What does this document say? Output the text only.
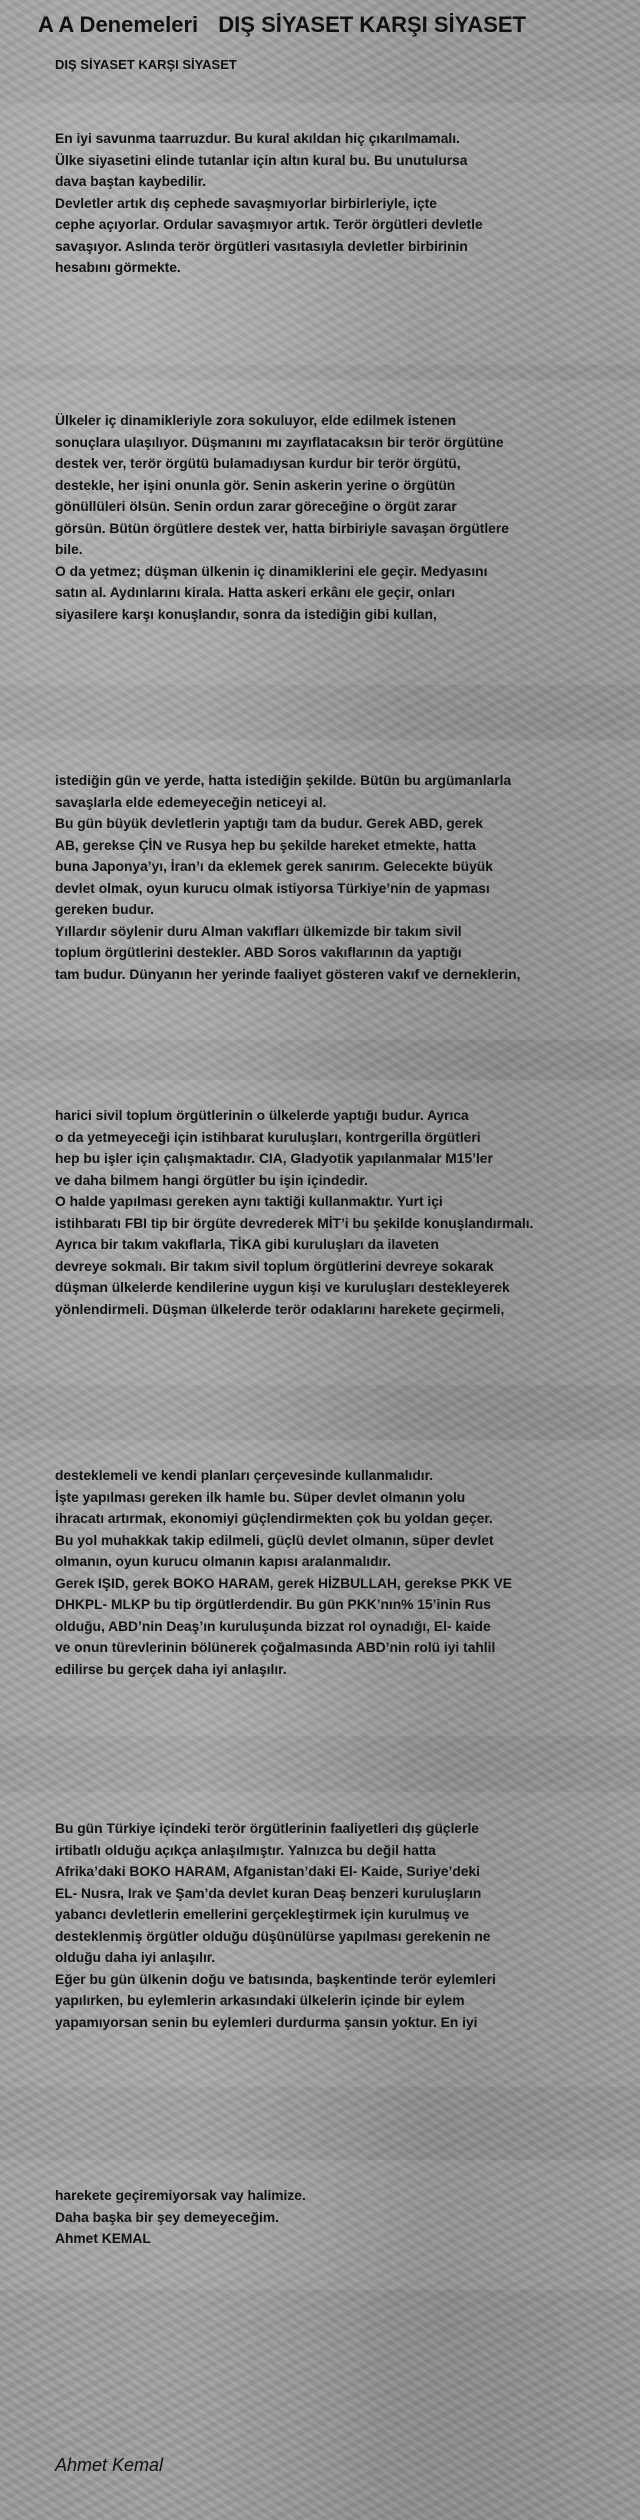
A A Denemeleri DIŞ SİYASET KARŞI SİYASET
DIŞ SİYASET KARŞI SİYASET

En iyi savunma taarruzdur. Bu kural akıldan hiç çıkarılmamalı.
Ülke siyasetini elinde tutanlar için altın kural bu. Bu unutulursa
dava baştan kaybedilir.
Devletler artık dış cephede savaşmıyorlar birbirleriyle, içte
cephe açıyorlar. Ordular savaşmıyor artık. Terör örgütleri devletle
savaşıyor. Aslında terör örgütleri vasıtasıyla devletler birbirinin
hesabını görmekte.

Ülkeler iç dinamikleriyle zora sokuluyor, elde edilmek istenen
sonuçlara ulaşılıyor. Düşmanını mı zayıflatacaksın bir terör örgütüne
destek ver, terör örgütü bulamadıysan kurdur bir terör örgütü,
destekle, her işini onunla gör. Senin askerin yerine o örgütün
gönüllüleri ölsün. Senin ordun zarar göreceğine o örgüt zarar
görsün. Bütün örgütlere destek ver, hatta birbiriyle savaşan örgütlere
bile.
O da yetmez; düşman ülkenin iç dinamiklerini ele geçir. Medyasını
satın al. Aydınlarını kirala. Hatta askeri erkânı ele geçir, onları
siyasilere karşı konuşlandır, sonra da istediğin gibi kullan,

istediğin gün ve yerde, hatta istediğin şekilde. Bütün bu argümanlarla
savaşlarla elde edemeyeceğin neticeyi al.
Bu gün büyük devletlerin yaptığı tam da budur. Gerek ABD, gerek
AB, gerekse ÇİN ve Rusya hep bu şekilde hareket etmekte, hatta
buna Japonya’yı, İran’ı da eklemek gerek sanırım. Gelecekte büyük
devlet olmak, oyun kurucu olmak istiyorsa Türkiye’nin de yapması
gereken budur.
Yıllardır söylenir duru Alman vakıfları ülkemizde bir takım sivil
toplum örgütlerini destekler. ABD Soros vakıflarının da yaptığı
tam budur. Dünyanın her yerinde faaliyet gösteren vakıf ve derneklerin,

harici sivil toplum örgütlerinin o ülkelerde yaptığı budur. Ayrıca
o da yetmeyeceği için istihbarat kuruluşları, kontrgerilla örgütleri
hep bu işler için çalışmaktadır. CIA, Gladyotik yapılanmalar M15’ler
ve daha bilmem hangi örgütler bu işin içindedir.
O halde yapılması gereken aynı taktiği kullanmaktır. Yurt içi
istihbaratı FBI tip bir örgüte devrederek MİT’i bu şekilde konuşlandırmalı.
Ayrıca bir takım vakıflarla, TİKA gibi kuruluşları da ilaveten
devreye sokmalı. Bir takım sivil toplum örgütlerini devreye sokarak
düşman ülkelerde kendilerine uygun kişi ve kuruluşları destekleyerek
yönlendirmeli. Düşman ülkelerde terör odaklarını harekete geçirmeli,

desteklemeli ve kendi planları çerçevesinde kullanmalıdır.
İşte yapılması gereken ilk hamle bu. Süper devlet olmanın yolu
ihracatı artırmak, ekonomiyi güçlendirmekten çok bu yoldan geçer.
Bu yol muhakkak takip edilmeli, güçlü devlet olmanın, süper devlet
olmanın, oyun kurucu olmanın kapısı aralanmalıdır.
Gerek IŞID, gerek BOKO HARAM, gerek HİZBULLAH, gerekse PKK VE
DHKPL- MLKP bu tip örgütlerdendir. Bu gün PKK’nın% 15’inin Rus
olduğu, ABD’nin Deaş’ın kuruluşunda bizzat rol oynadığı, El- kaide
ve onun türevlerinin bölünerek çoğalmasında ABD’nin rolü iyi tahlil
edilirse bu gerçek daha iyi anlaşılır.

Bu gün Türkiye içindeki terör örgütlerinin faaliyetleri dış güçlerle
irtibatlı olduğu açıkça anlaşılmıştır. Yalnızca bu değil hatta
Afrika’daki BOKO HARAM, Afganistan’daki El- Kaide, Suriye’deki
EL- Nusra, Irak ve Şam’da devlet kuran Deaş benzeri kuruluşların
yabancı devletlerin emellerini gerçekleştirmek için kurulmuş ve
desteklenmiş örgütler olduğu düşünülürse yapılması gerekenin ne
olduğu daha iyi anlaşılır.
Eğer bu gün ülkenin doğu ve batısında, başkentinde terör eylemleri
yapılırken, bu eylemlerin arkasındaki ülkelerin içinde bir eylem
yapamıyorsan senin bu eylemleri durdurma şansın yoktur. En iyi

harekete geçiremiyorsak vay halimize.
Daha başka bir şey demeyeceğim.
Ahmet KEMAL

Ahmet Kemal
